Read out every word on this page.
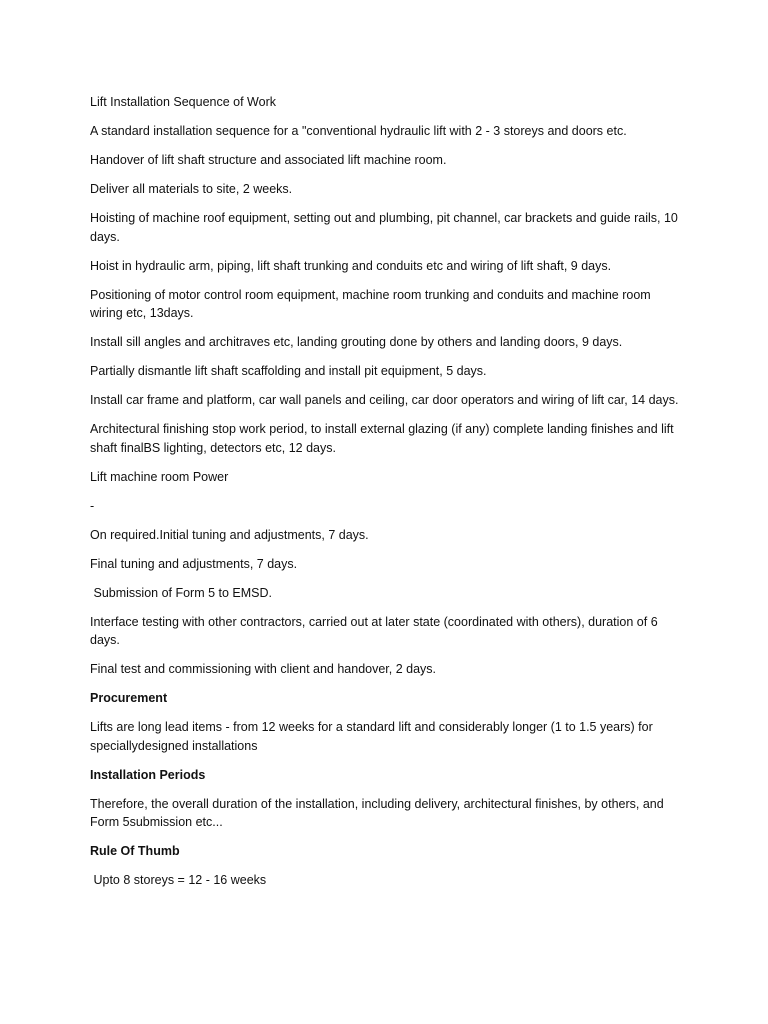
Lift Installation Sequence of Work

A standard installation sequence for a "conventional hydraulic lift with 2 - 3 storeys and doors etc.

Handover of lift shaft structure and associated lift machine room.

Deliver all materials to site, 2 weeks.

Hoisting of machine roof equipment, setting out and plumbing, pit channel, car brackets and guide rails, 10 days.

Hoist in hydraulic arm, piping, lift shaft trunking and conduits etc and wiring of lift shaft, 9 days.

Positioning of motor control room equipment, machine room trunking and conduits and machine room wiring etc, 13days.

Install sill angles and architraves etc, landing grouting done by others and landing doors, 9 days.

Partially dismantle lift shaft scaffolding and install pit equipment, 5 days.

Install car frame and platform, car wall panels and ceiling, car door operators and wiring of lift car, 14 days.

Architectural finishing stop work period, to install external glazing (if any) complete landing finishes and lift shaft finalBS lighting, detectors etc, 12 days.

Lift machine room Power

-

On required.Initial tuning and adjustments, 7 days.

Final tuning and adjustments, 7 days.

Submission of Form 5 to EMSD.

Interface testing with other contractors, carried out at later state (coordinated with others), duration of 6 days.

Final test and commissioning with client and handover, 2 days.

Procurement

Lifts are long lead items - from 12 weeks for a standard lift and considerably longer (1 to 1.5 years) for speciallydesigned installations

Installation Periods

Therefore, the overall duration of the installation, including delivery, architectural finishes, by others, and Form 5submission etc...

Rule Of Thumb

Upto 8 storeys = 12 - 16 weeks
